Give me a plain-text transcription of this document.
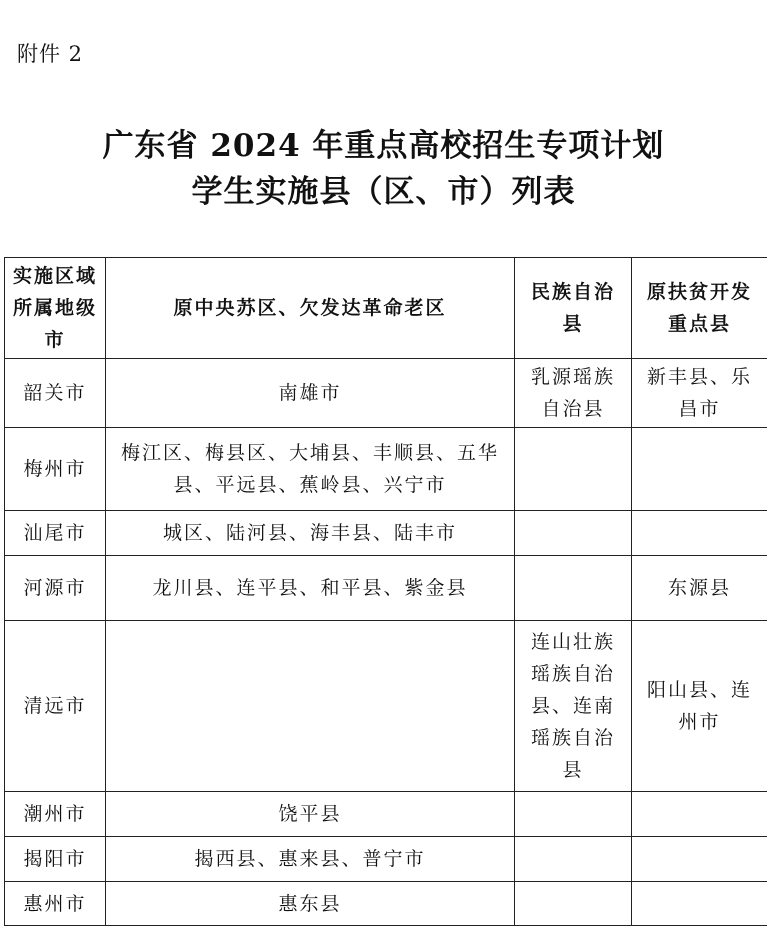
附件 2
广东省 2024 年重点高校招生专项计划
学生实施县（区、市）列表
实施区域所属地级市	原中央苏区、欠发达革命老区	民族自治县	原扶贫开发重点县
韶关市	南雄市	乳源瑶族自治县	新丰县、乐昌市
梅州市	梅江区、梅县区、大埔县、丰顺县、五华县、平远县、蕉岭县、兴宁市		
汕尾市	城区、陆河县、海丰县、陆丰市		
河源市	龙川县、连平县、和平县、紫金县		东源县
清远市		连山壮族瑶族自治县、连南瑶族自治县	阳山县、连州市
潮州市	饶平县		
揭阳市	揭西县、惠来县、普宁市		
惠州市	惠东县		
